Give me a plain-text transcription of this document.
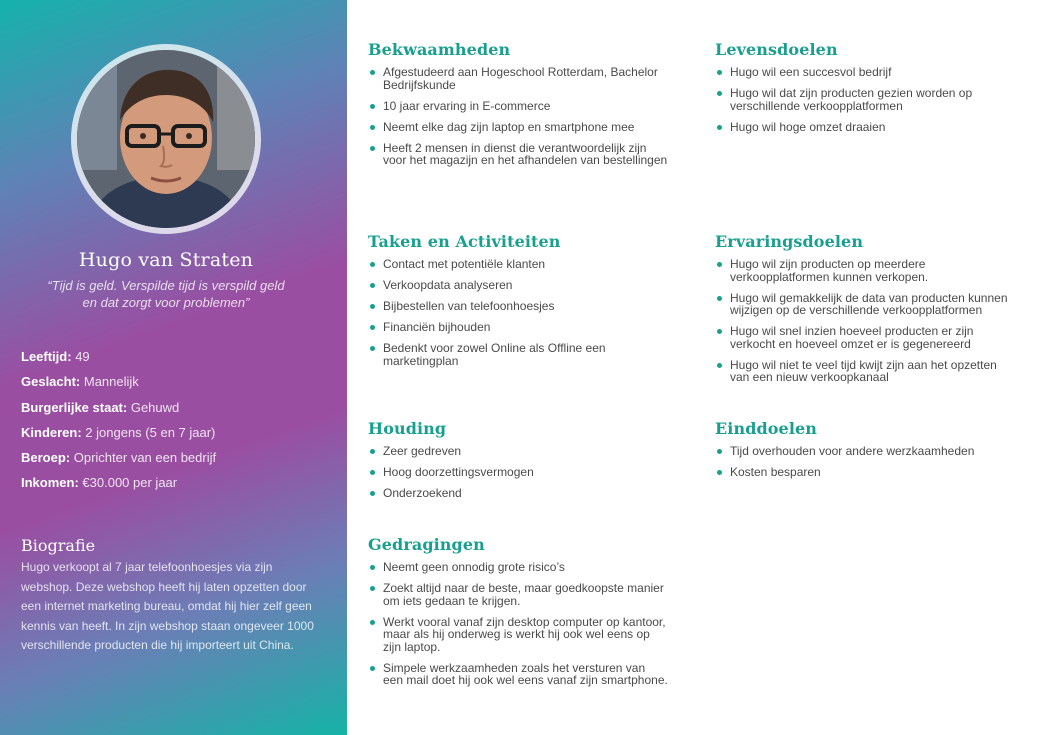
Hugo van Straten
“Tijd is geld. Verspilde tijd is verspild geld
en dat zorgt voor problemen”
Leeftijd: 49
Geslacht: Mannelijk
Burgerlijke staat: Gehuwd
Kinderen: 2 jongens (5 en 7 jaar)
Beroep: Oprichter van een bedrijf
Inkomen: €30.000 per jaar
Biografie
Hugo verkoopt al 7 jaar telefoonhoesjes via zijn webshop. Deze webshop heeft hij laten opzetten door een internet marketing bureau, omdat hij hier zelf geen kennis van heeft. In zijn webshop staan ongeveer 1000 verschillende producten die hij importeert uit China.
Bekwaamheden
Afgestudeerd aan Hogeschool Rotterdam, Bachelor Bedrijfskunde
10 jaar ervaring in E-commerce
Neemt elke dag zijn laptop en smartphone mee
Heeft 2 mensen in dienst die verantwoordelijk zijn voor het magazijn en het afhandelen van bestellingen
Taken en Activiteiten
Contact met potentiële klanten
Verkoopdata analyseren
Bijbestellen van telefoonhoesjes
Financiën bijhouden
Bedenkt voor zowel Online als Offline een marketingplan
Houding
Zeer gedreven
Hoog doorzettingsvermogen
Onderzoekend
Gedragingen
Neemt geen onnodig grote risico’s
Zoekt altijd naar de beste, maar goedkoopste manier om iets gedaan te krijgen.
Werkt vooral vanaf zijn desktop computer op kantoor, maar als hij onderweg is werkt hij ook wel eens op zijn laptop.
Simpele werkzaamheden zoals het versturen van een mail doet hij ook wel eens vanaf zijn smartphone.
Levensdoelen
Hugo wil een succesvol bedrijf
Hugo wil dat zijn producten gezien worden op verschillende verkoopplatformen
Hugo wil hoge omzet draaien
Ervaringsdoelen
Hugo wil zijn producten op meerdere verkoopplatformen kunnen verkopen.
Hugo wil gemakkelijk de data van producten kunnen wijzigen op de verschillende verkoopplatformen
Hugo wil snel inzien hoeveel producten er zijn verkocht en hoeveel omzet er is gegenereerd
Hugo wil niet te veel tijd kwijt zijn aan het opzetten van een nieuw verkoopkanaal
Einddoelen
Tijd overhouden voor andere werzkaamheden
Kosten besparen
